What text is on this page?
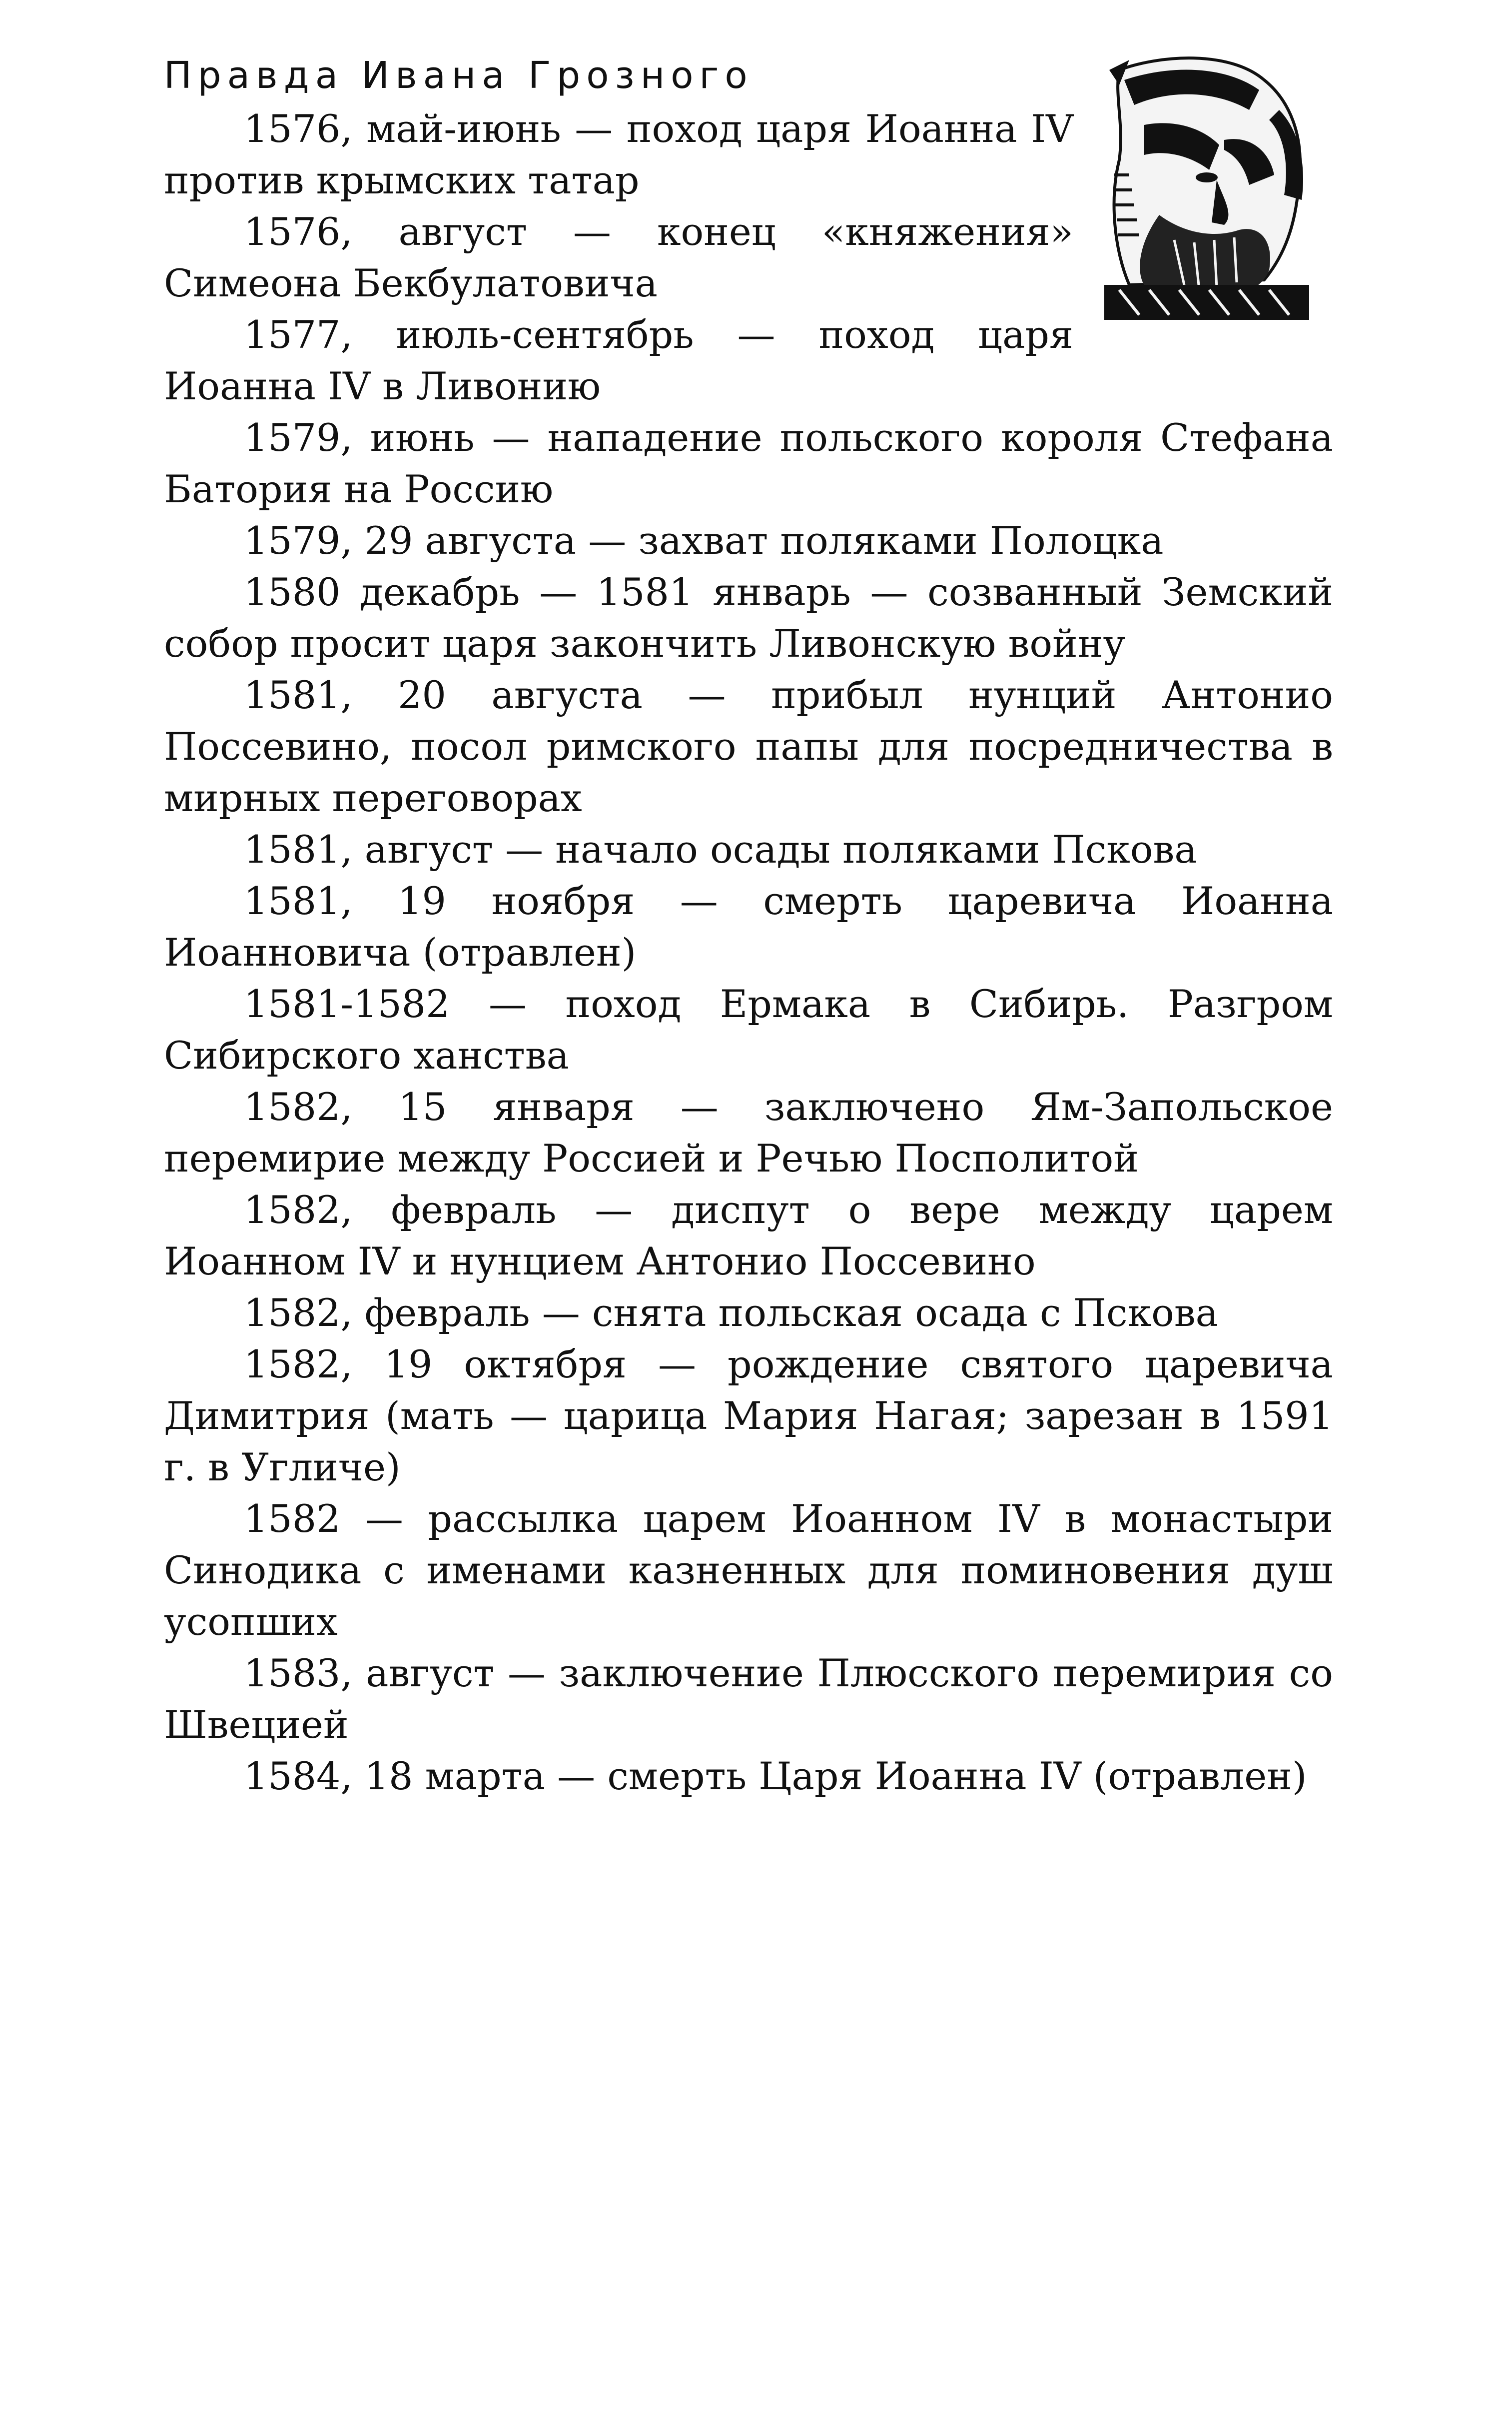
Правда Ивана Грозного
1576, май-июнь — поход царя Иоанна IV против крымских татар
1576, август — конец «княжения» Симеона Бекбулатовича
1577, июль-сентябрь — поход царя Иоанна IV в Ливонию
1579, июнь — нападение польского короля Стефана Батория на Россию
1579, 29 августа — захват поляками Полоцка
1580 декабрь — 1581 январь — созванный Земский собор просит царя закончить Ливонскую войну
1581, 20 августа — прибыл нунций Антонио Поссевино, посол римского папы для посредничества в мирных переговорах
1581, август — начало осады поляками Пскова
1581, 19 ноября — смерть царевича Иоанна Иоанновича (отравлен)
1581-1582 — поход Ермака в Сибирь. Разгром Сибирского ханства
1582, 15 января — заключено Ям-Запольское перемирие между Россией и Речью Посполитой
1582, февраль — диспут о вере между царем Иоанном IV и нунцием Антонио Поссевино
1582, февраль — снята польская осада с Пскова
1582, 19 октября — рождение святого царевича Димитрия (мать — царица Мария Нагая; зарезан в 1591 г. в Угличе)
1582 — рассылка царем Иоанном IV в монастыри Синодика с именами казненных для поминовения душ усопших
1583, август — заключение Плюсского перемирия со Швецией
1584, 18 марта — смерть Царя Иоанна IV (отравлен)
